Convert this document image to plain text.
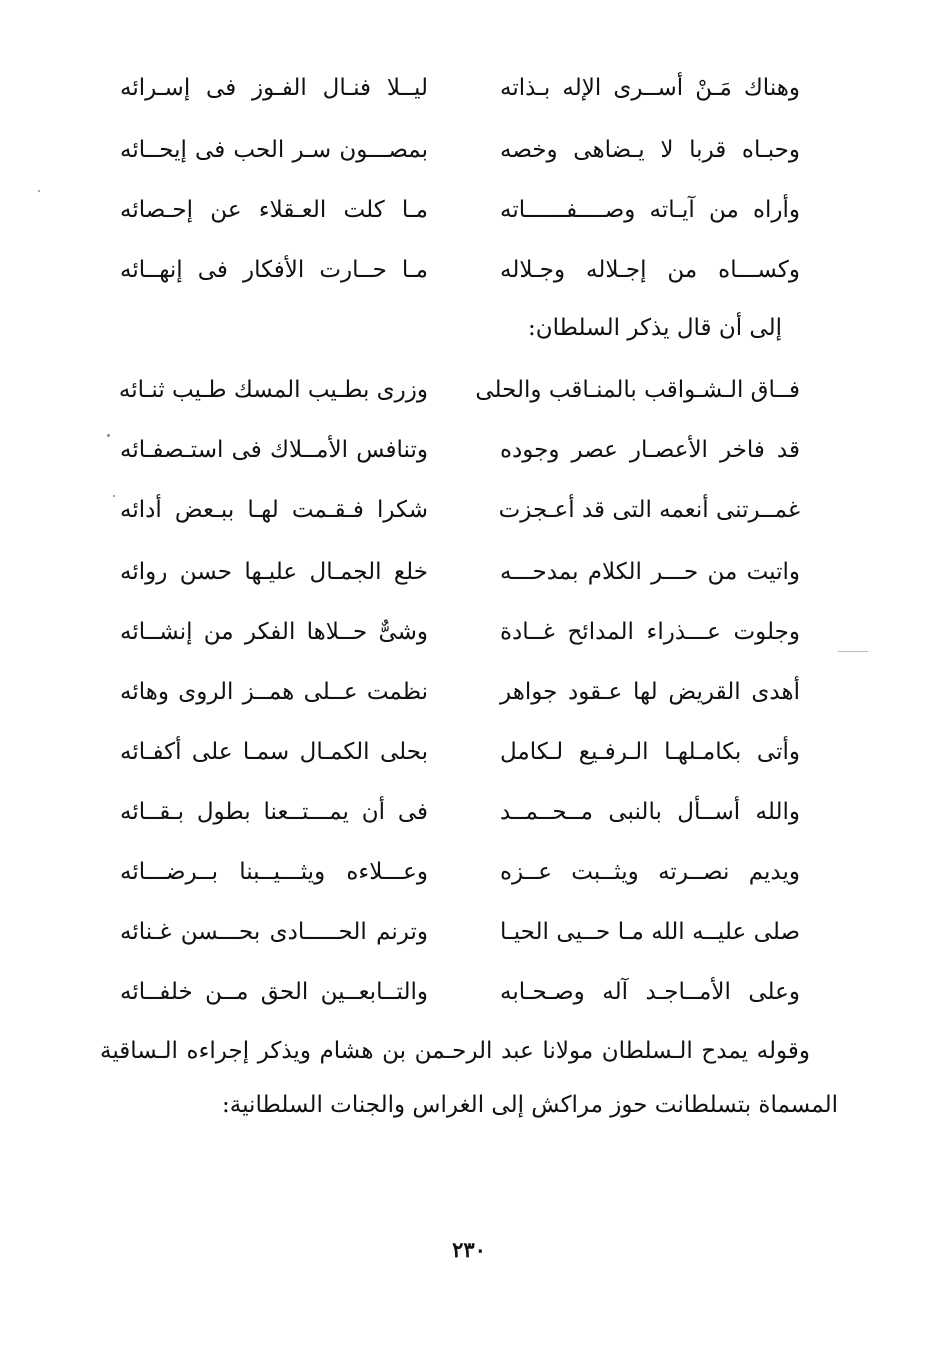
وهناك مَـنْ أســرى الإله بـذاته
ليــلا فنـال الفـوز فى إسـرائه
وحبـاه قربا لا يـضاهى وخصه
بمصـــون سـر الحب فى إيحــائه
وأراه من آيـاته وصــــفــــــاته
مـا كلت العـقلاء عن إحـصائه
وكســـاه من إجـلاله وجـلاله
مـا حــارت الأفكار فى إنهــائه
إلى أن قال يذكر السلطان:
فــاق الـشـواقب بالمنـاقب والحلى
وزرى بطـيب المسك طـيب ثنـائه
قد فاخر الأعصـار عصر وجوده
وتنافس الأمــلاك فى استـصفـائه
غمــرتنى أنعمه التى قد أعـجزت
شكرا فـقـمت لهـا ببـعض أدائه
واتيت من حـــر الكلام بمدحـــه
خلع الجمـال عليـها حسن روائه
وجلوت عـــذراء المدائح غــادة
وشىٌّ حــلاها الفكر من إنشــائه
أهدى القريض لها عـقود جواهر
نظمت عــلى همــز الروى وهائه
وأتى بكامـلهـا الـرفـيع لـكامل
بحلى الكمـال سمـا على أكفـائه
والله أســأل بالنبى مــحــمــد
فى أن يمـــتــعنا بطول بـقــائه
ويديم نصــرته ويثــبت عــزه
وعـــلاءه ويثـــيــبنا بــرضـــائه
صلى عليــه الله مـا حــيى الحيـا
وترنم الحـــــادى بحـــسن غـنائه
وعلى الأمــاجـد آله وصـحـابه
والتــابعــين الحق مــن خلفــائه
وقوله يمدح الـسلطان مولانا عبد الرحـمن بن هشام ويذكر إجراءه الـساقية
المسماة بتسلطانت حوز مراكش إلى الغراس والجنات السلطانية:
٢٣٠
